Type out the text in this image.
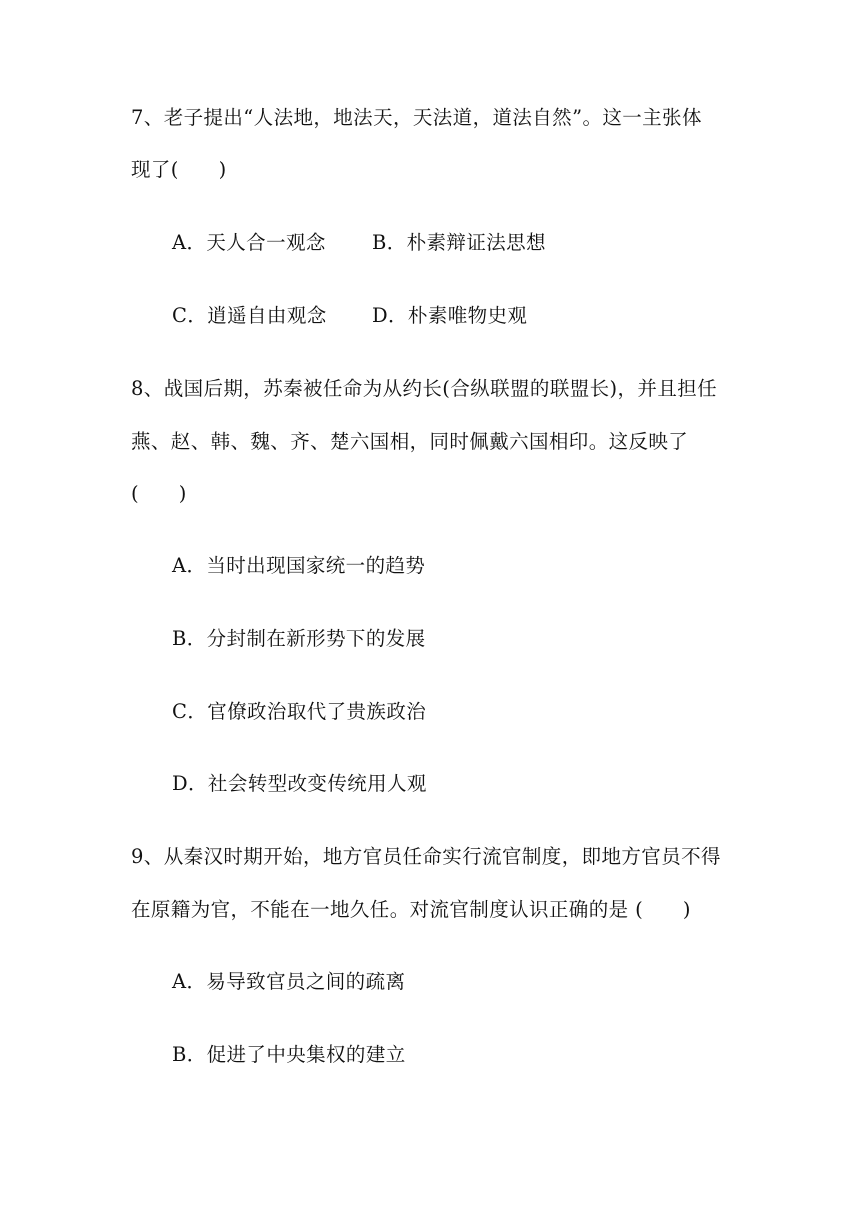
7、老子提出“人法地，地法天，天法道，道法自然”。这一主张体
现了(　　)
A．天人合一观念 B．朴素辩证法思想
C．逍遥自由观念 D．朴素唯物史观
8、战国后期，苏秦被任命为从约长(合纵联盟的联盟长)，并且担任
燕、赵、韩、魏、齐、楚六国相，同时佩戴六国相印。这反映了
(　　)
A．当时出现国家统一的趋势
B．分封制在新形势下的发展
C．官僚政治取代了贵族政治
D．社会转型改变传统用人观
9、从秦汉时期开始，地方官员任命实行流官制度，即地方官员不得
在原籍为官，不能在一地久任。对流官制度认识正确的是 (　　)
A．易导致官员之间的疏离
B．促进了中央集权的建立
